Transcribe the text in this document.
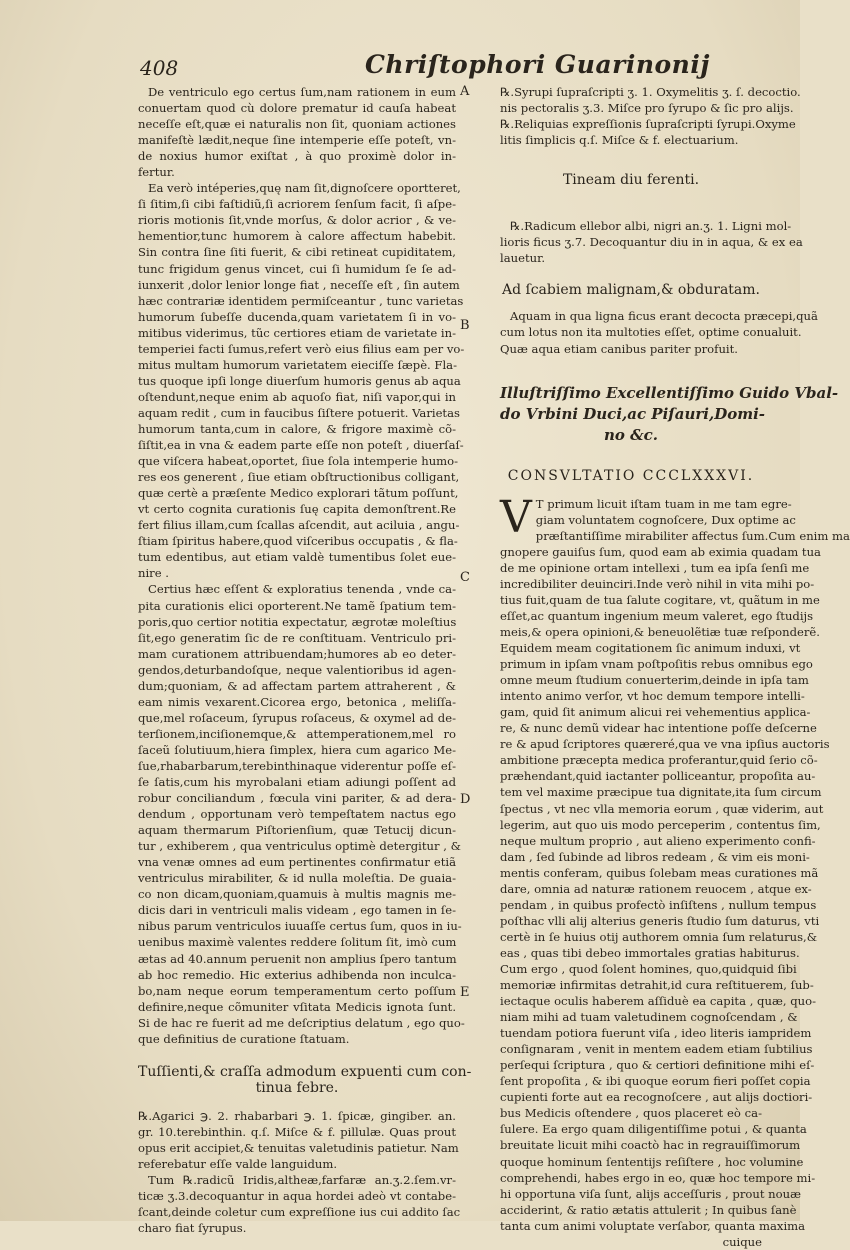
408	Chriſtophori Guarinonij
A
B
C
D
E

De ventriculo ego certus ſum,nam rationem in eum
conuertam quod cù dolore prematur id cauſa habeat
neceſſe eſt,quæ ei naturalis non ſit, quoniam actiones
manifeſtè lædit,neque ſine intemperie eſſe poteſt, vn-
de noxius humor exiſtat , à quo proximè dolor in-
fertur.

Ea verò intéperies,quę nam ſit,dignoſcere oportteret,
ſi ſitim,ſi cibi faſtidiũ,ſi acriorem ſenſum facit, ſi aſpe-
rioris motionis ſit,vnde morſus, & dolor acrior , & ve-
hementior,tunc humorem à calore affectum habebit.
Sin contra ſine ſiti fuerit, & cibi retineat cupiditatem,
tunc frigidum genus vincet, cui ſi humidum ſe ſe ad-
iunxerit ,dolor lenior longe fiat , neceſſe eſt , ſin autem
hæc contrariæ identidem permiſceantur , tunc varietas
humorum ſubeſſe ducenda,quam varietatem ſi in vo-
mitibus viderimus, tũc certiores etiam de varietate in-
temperiei facti ſumus,refert verò eius filius eam per vo-
mitus multam humorum varietatem eieciſſe ſæpè. Fla-
tus quoque ipſi longe diuerſum humoris genus ab aqua
oſtendunt,neque enim ab aquoſo fiat, niſi vapor,qui in
aquam redit , cum in faucibus ſiſtere potuerit. Varietas
humorum tanta,cum in calore, & frigore maximè cõ-
ſiſtit,ea in vna & eadem parte eſſe non poteſt , diuerſaſ-
que viſcera habeat,oportet, ſiue ſola intemperie humo-
res eos generent , ſiue etiam obſtructionibus colligant,
quæ certè a præſente Medico explorari tãtum poſſunt,
vt certo cognita curationis ſuę capita demonſtrent.Re
fert filius illam,cum ſcallas aſcendit, aut aciluia , angu-
ſtiam ſpiritus habere,quod viſceribus occupatis , & fla-
tum edentibus, aut etiam valdè tumentibus ſolet eue-
nire .

Certius hæc eſſent & exploratius tenenda , vnde ca-
pita curationis elici oporterent.Ne tamẽ ſpatium tem-
poris,quo certior notitia expectatur, ægrotæ moleſtius
ſit,ego generatim ſic de re conſtituam. Ventriculo pri-
mam curationem attribuendam;humores ab eo deter-
gendos,deturbandoſque, neque valentioribus id agen-
dum;quoniam, & ad affectam partem attraherent , &
eam nimis vexarent.Cicorea ergo, betonica , meliſſa-
que,mel roſaceum, ſyrupus roſaceus, & oxymel ad de-
terſionem,inciſionemque,& attemperationem,mel ro
ſaceũ ſolutiuum,hiera ſimplex, hiera cum agarico Me-
ſue,rhabarbarum,terebinthinaque viderentur poſſe eſ-
ſe ſatis,cum his myrobalani etiam adiungi poſſent ad
robur conciliandum , fœcula vini pariter, & ad dera-
dendum , opportunam verò tempeſtatem nactus ego
aquam thermarum Piſtorienſium, quæ Tetucij dicun-
tur , exhiberem , qua ventriculus optimè detergitur , &
vna venæ omnes ad eum pertinentes confirmatur etiã
ventriculus mirabiliter, & id nulla moleſtia. De guaia-
co non dicam,quoniam,quamuis à multis magnis me-
dicis dari in ventriculi malis videam , ego tamen in ſe-
nibus parum ventriculos iuuaſſe certus ſum, quos in iu-
uenibus maximè valentes reddere ſolitum ſit, imò cum
ætas ad 40.annum peruenit non amplius ſpero tantum
ab hoc remedio. Hic exterius adhibenda non inculca-
bo,nam neque eorum temperamentum certo poſſum
definire,neque cõmuniter vſitata Medicis ignota ſunt.
Si de hac re fuerit ad me deſcriptius delatum , ego quo-
que definitius de curatione ſtatuam.

Tuſſienti,& craſſa admodum expuenti cum con-
tinua febre.

℞.Agarici ℈. 2. rhabarbari ℈. 1. ſpicæ, gingiber. an.
gr. 10.terebinthin. q.ſ. Miſce & f. pillulæ. Quas prout
opus erit accipiet,& tenuitas valetudinis patietur. Nam
referebatur eſſe valde languidum.

Tum ℞.radicũ Iridis,altheæ,farfaræ an.ʒ.2.ſem.vr-
ticæ ʒ.3.decoquantur in aqua hordei adeò vt contabe-
ſcant,deinde coletur cum expreſſione ius cui addito ſac
charo fiat ſyrupus.

℞.Syrupi ſupraſcripti ʒ. 1. Oxymelitis ʒ. ſ. decoctio.
nis pectoralis ʒ.3. Miſce pro ſyrupo & ſic pro alijs.
℞.Reliquias expreſſionis ſupraſcripti ſyrupi.Oxyme
litis ſimplicis q.ſ. Miſce & f. electuarium.

Tineam diu ferenti.

℞.Radicum ellebor albi, nigri an.ʒ. 1. Ligni mol-
lioris ficus ʒ.7. Decoquantur diu in in aqua, & ex ea
lauetur.

Ad ſcabiem malignam,& obduratam.

Aquam in qua ligna ficus erant decocta præcepi,quã
cum lotus non ita multoties eſſet, optime conualuit.
Quæ aqua etiam canibus pariter profuit.

Illuſtriſſimo Excellentiſſimo Guido Vbal-
do Vrbini Duci,ac Piſauri,Domi-
no &c.
CONSVLTATIO CCCLXXXVI.
V T primum licuit iſtam tuam in me tam egre-
giam voluntatem cognoſcere, Dux optime ac
præſtantiſſime mirabiliter affectus ſum.Cum enim ma

gnopere gauiſus ſum, quod eam ab eximia quadam tua
de me opinione ortam intellexi , tum ea ipſa ſenſi me
incredibiliter deuinciri.Inde verò nihil in vita mihi po-
tius fuit,quam de tua ſalute cogitare, vt, quãtum in me
eſſet,ac quantum ingenium meum valeret, ego ſtudijs
meis,& opera opinioni,& beneuolẽtiæ tuæ reſponderẽ.
Equidem meam cogitationem ſic animum induxi, vt
primum in ipſam vnam poſtpoſitis rebus omnibus ego
omne meum ſtudium conuerterim,deinde in ipſa tam
intento animo verſor, vt hoc demum tempore intelli-
gam, quid ſit animum alicui rei vehementius applica-
re, & nunc demũ videar hac intentione poſſe deſcerne
re & apud ſcriptores quæreré,qua ve vna ipſius auctoris
ambitione præcepta medica proferantur,quid ſerio cõ-
præhendant,quid iactanter polliceantur, propoſita au-
tem vel maxime præcipue tua dignitate,ita ſum circum
ſpectus , vt nec vlla memoria eorum , quæ viderim, aut
legerim, aut quo uis modo perceperim , contentus ſim,
neque multum proprio , aut alieno experimento confi-
dam , ſed ſubinde ad libros redeam , & vim eis moni-
mentis conferam, quibus ſolebam meas curationes mã
dare, omnia ad naturæ rationem reuocem , atque ex-
pendam , in quibus profectò inſiſtens , nullum tempus
poſthac vlli alij alterius generis ſtudio ſum daturus, vti
certè in ſe huius otij authorem omnia ſum relaturus,&
eas , quas tibi debeo immortales gratias habiturus.
Cum ergo , quod ſolent homines, quo,quidquid ſibi
memoriæ infirmitas detrahit,id cura reſtituerem, ſub-
iectaque oculis haberem aſſiduè ea capita , quæ, quo-
niam mihi ad tuam valetudinem cognoſcendam , &
tuendam potiora fuerunt viſa , ideo literis iampridem
conſignaram , venit in mentem eadem etiam ſubtilius
perſequi ſcriptura , quo & certiori definitione mihi eſ-
ſent propoſita , & ibi quoque eorum fieri poſſet copia
cupienti forte aut ea recognoſcere , aut alijs doctiori-
bus Medicis oſtendere , quos placeret eò ca-
ſulere. Ea ergo quam diligentiſſime potui , & quanta
breuitate licuit mihi coactò hac in regrauiſſimorum
quoque hominum ſententijs reſiſtere , hoc volumine
comprehendi, habes ergo in eo, quæ hoc tempore mi-
hi opportuna viſa ſunt, alijs acceſſuris , prout nouæ
acciderint, & ratio ætatis attulerit ; In quibus ſanè
tanta cum animi voluptate verſabor, quanta maxima

cuique
